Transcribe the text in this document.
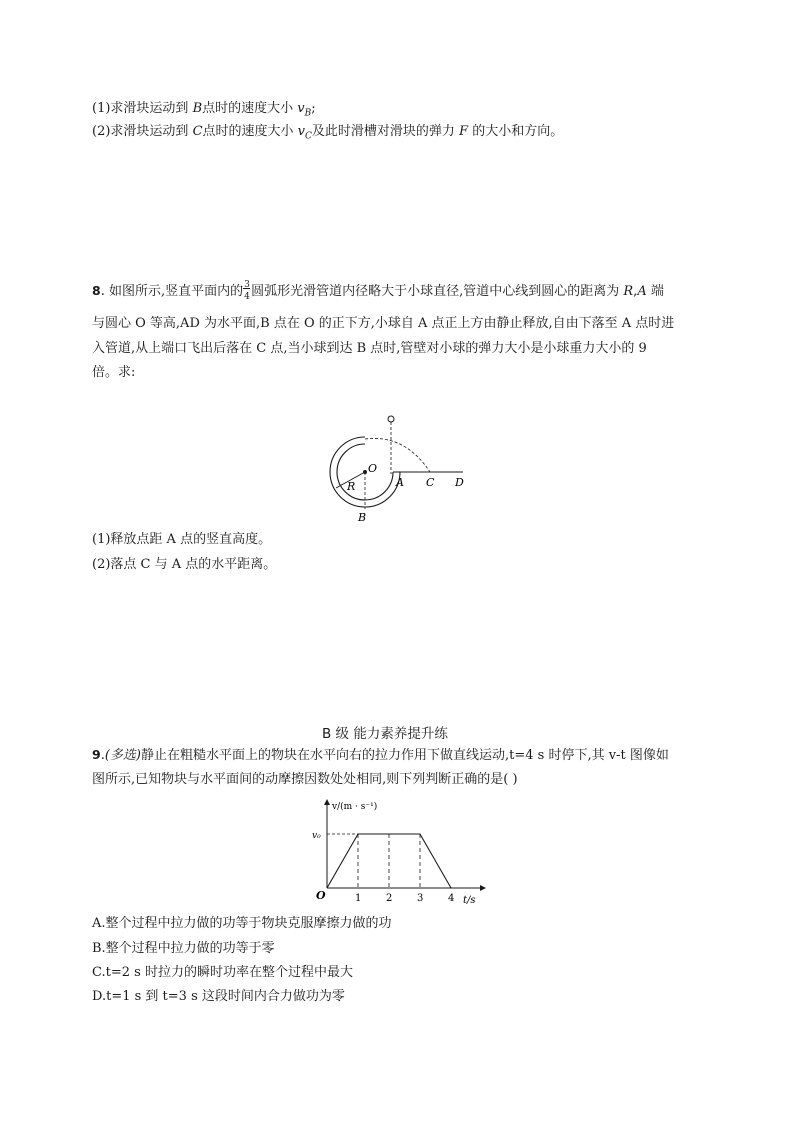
(1)求滑块运动到 B点时的速度大小 $v_B$;
(2)求滑块运动到 C点时的速度大小 $v_C$及此时滑槽对滑块的弹力 F 的大小和方向。
8. 如图所示,竖直平面内的 3
4 圆弧形光滑管道内径略大于小球直径,管道中心线到圆心的距离为 R,A 端
与圆心 O 等高,AD 为水平面,B 点在 O 的正下方,小球自 A 点正上方由静止释放,自由下落至 A 点时进
入管道,从上端口飞出后落在 C 点,当小球到达 B 点时,管壁对小球的弹力大小是小球重力大小的 9
倍。求:
O
R	A C D
B
(1)释放点距 A 点的竖直高度。
(2)落点 C 与 A 点的水平距离。
B 级 能力素养提升练
9.(多选)静止在粗糙水平面上的物块在水平向右的拉力作用下做直线运动,t=4 s 时停下,其 v-t 图像如
图所示,已知物块与水平面间的动摩擦因数处处相同,则下列判断正确的是( )
v/(m · s⁻¹)
v₀
O	t/s
1 2 3 4
A.整个过程中拉力做的功等于物块克服摩擦力做的功
B.整个过程中拉力做的功等于零
C.t=2 s 时拉力的瞬时功率在整个过程中最大
D.t=1 s 到 t=3 s 这段时间内合力做功为零
